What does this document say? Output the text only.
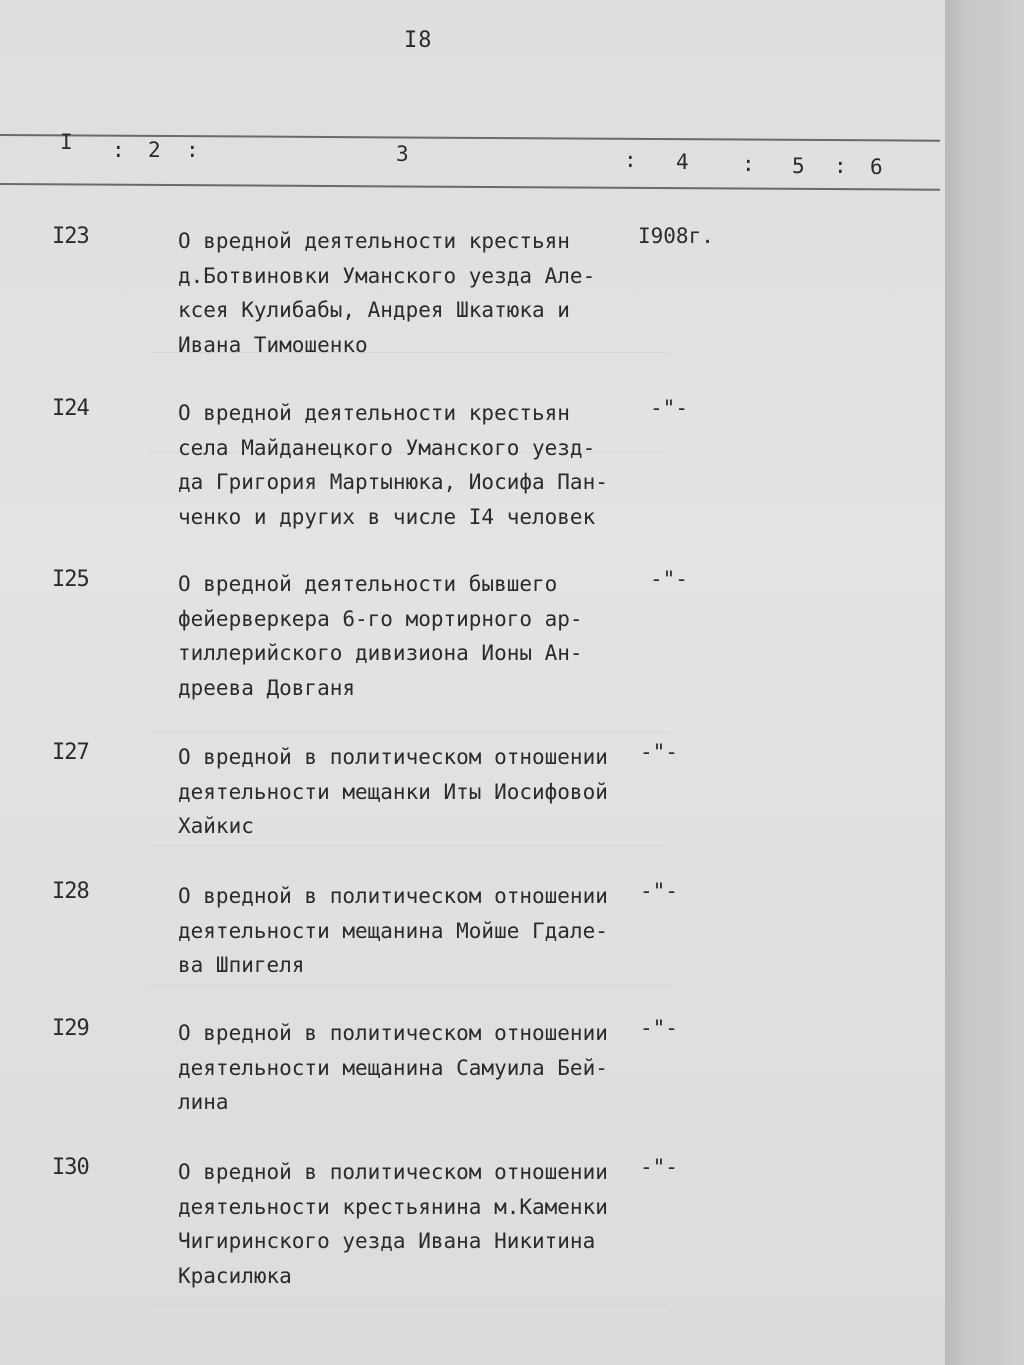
I8
I : 2 :	3	: 4	: 5 : 6
I23	О вредной деятельности крестьян
д.Ботвиновки Уманского уезда Але-
ксея Кулибабы, Андрея Шкатюка и
Ивана Тимошенко
I908г.
I24	О вредной деятельности крестьян
села Майданецкого Уманского уезд-
да Григория Мартынюка, Иосифа Пан-
ченко и других в числе I4 человек
-"-
I25	О вредной деятельности бывшего
фейерверкера 6-го мортирного ар-
тиллерийского дивизиона Ионы Ан-
дреева Довганя
-"-
I27	О вредной в политическом отношении
деятельности мещанки Иты Иосифовой
Хайкис
-"-
I28	О вредной в политическом отношении
деятельности мещанина Мойше Гдале-
ва Шпигеля
-"-
I29	О вредной в политическом отношении
деятельности мещанина Самуила Бей-
лина
-"-
I30	О вредной в политическом отношении
деятельности крестьянина м.Каменки
Чигиринского уезда Ивана Никитина
Красилюка
-"-
